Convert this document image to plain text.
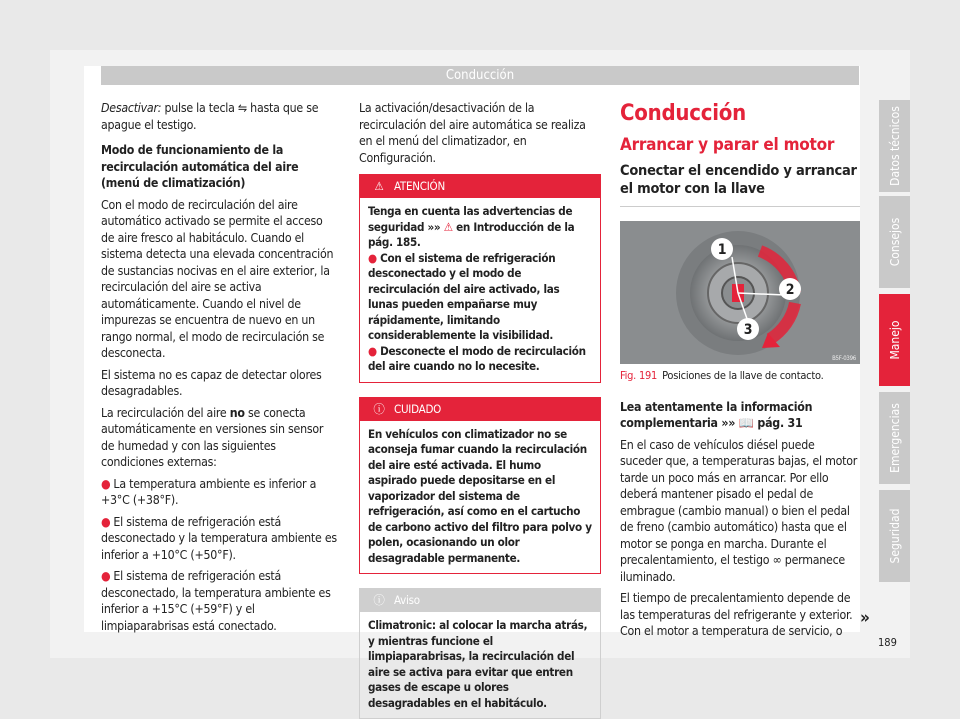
Conducción

Desactivar: pulse la tecla ⇋ hasta que se apague el testigo.

Modo de funcionamiento de la recirculación automática del aire (menú de climatización)

Con el modo de recirculación del aire automático activado se permite el acceso de aire fresco al habitáculo. Cuando el sistema detecta una elevada concentración de sustancias nocivas en el aire exterior, la recirculación del aire se activa automáticamente. Cuando el nivel de impurezas se encuentra de nuevo en un rango normal, el modo de recirculación se desconecta.

El sistema no es capaz de detectar olores desagradables.

La recirculación del aire no se conecta automáticamente en versiones sin sensor de humedad y con las siguientes condiciones externas:

● La temperatura ambiente es inferior a +3°C (+38°F).

● El sistema de refrigeración está desconectado y la temperatura ambiente es inferior a +10°C (+50°F).

● El sistema de refrigeración está desconectado, la temperatura ambiente es inferior a +15°C (+59°F) y el limpiaparabrisas está conectado.

La activación/desactivación de la recirculación del aire automática se realiza en el menú del climatizador, en Configuración.

⚠ ATENCIÓN

Tenga en cuenta las advertencias de seguridad »» ⚠ en Introducción de la pág. 185.

● Con el sistema de refrigeración desconectado y el modo de recirculación del aire activado, las lunas pueden empañarse muy rápidamente, limitando considerablemente la visibilidad.

● Desconecte el modo de recirculación del aire cuando no lo necesite.

ⓘ CUIDADO
En vehículos con climatizador no se aconseja fumar cuando la recirculación del aire esté activada. El humo aspirado puede depositarse en el vaporizador del sistema de refrigeración, así como en el cartucho de carbono activo del filtro para polvo y polen, ocasionando un olor desagradable permanente.
ⓘ Aviso
Climatronic: al colocar la marcha atrás, y mientras funcione el limpiaparabrisas, la recirculación del aire se activa para evitar que entren gases de escape u olores desagradables en el habitáculo.

Conducción

Arrancar y parar el motor

Conectar el encendido y arrancar el motor con la llave

1
2
3
B5F-0396
Fig. 191 Posiciones de la llave de contacto.

Lea atentamente la información complementaria »» 📖 pág. 31

En el caso de vehículos diésel puede suceder que, a temperaturas bajas, el motor tarde un poco más en arrancar. Por ello deberá mantener pisado el pedal de embrague (cambio manual) o bien el pedal de freno (cambio automático) hasta que el motor se ponga en marcha. Durante el precalentamiento, el testigo ∞ permanece iluminado.

El tiempo de precalentamiento depende de las temperaturas del refrigerante y exterior. Con el motor a temperatura de servicio, o

Datos técnicos
Consejos
Manejo
Emergencias
Seguridad
»
189
